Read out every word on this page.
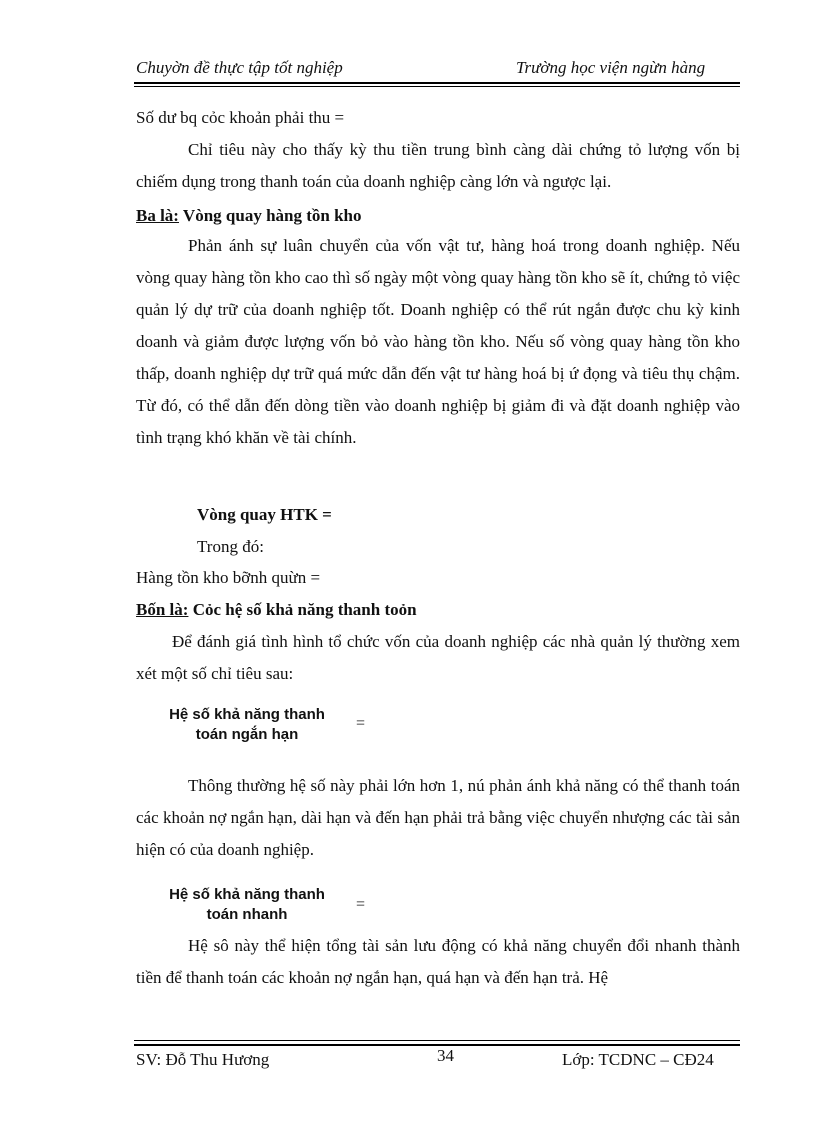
Chuyờn đề thực tập tốt nghiệp	Trường học viện ngừn hàng
Số dư bq cỏc khoản phải thu =
Chỉ tiêu này cho thấy kỳ thu tiền trung bình càng dài chứng tỏ lượng vốn bị chiếm dụng trong thanh toán của doanh nghiệp càng lớn và ngược lại.
Ba là: Vòng quay hàng tồn kho
Phản ánh sự luân chuyển của vốn vật tư, hàng hoá trong doanh nghiệp. Nếu vòng quay hàng tồn kho cao thì số ngày một vòng quay hàng tồn kho sẽ ít, chứng tỏ việc quản lý dự trữ của doanh nghiệp tốt. Doanh nghiệp có thể rút ngắn được chu kỳ kinh doanh và giảm được lượng vốn bỏ vào hàng tồn kho. Nếu số vòng quay hàng tồn kho thấp, doanh nghiệp dự trữ quá mức dẫn đến vật tư hàng hoá bị ứ đọng và tiêu thụ chậm. Từ đó, có thể dẫn đến dòng tiền vào doanh nghiệp bị giảm đi và đặt doanh nghiệp vào tình trạng khó khăn về tài chính.
Vòng quay HTK =
Trong đó:
Hàng tồn kho bỡnh quừn =
Bốn là: Cỏc hệ số khả năng thanh toỏn
Để đánh giá tình hình tổ chức vốn của doanh nghiệp các nhà quản lý thường xem xét một số chỉ tiêu sau:
Hệ số khả năng thanh
toán ngắn hạn
=
Thông thường hệ số này phải lớn hơn 1, nú phản ánh khả năng có thể thanh toán các khoản nợ ngắn hạn, dài hạn và đến hạn phải trả bằng việc chuyển nhượng các tài sản hiện có của doanh nghiệp.
Hệ số khả năng thanh
toán nhanh
=
Hệ sô này thể hiện tổng tài sản lưu động có khả năng chuyển đổi nhanh thành tiền để thanh toán các khoản nợ ngắn hạn, quá hạn và đến hạn trả. Hệ
SV: Đỗ Thu Hương	34	Lớp: TCDNC – CĐ24
